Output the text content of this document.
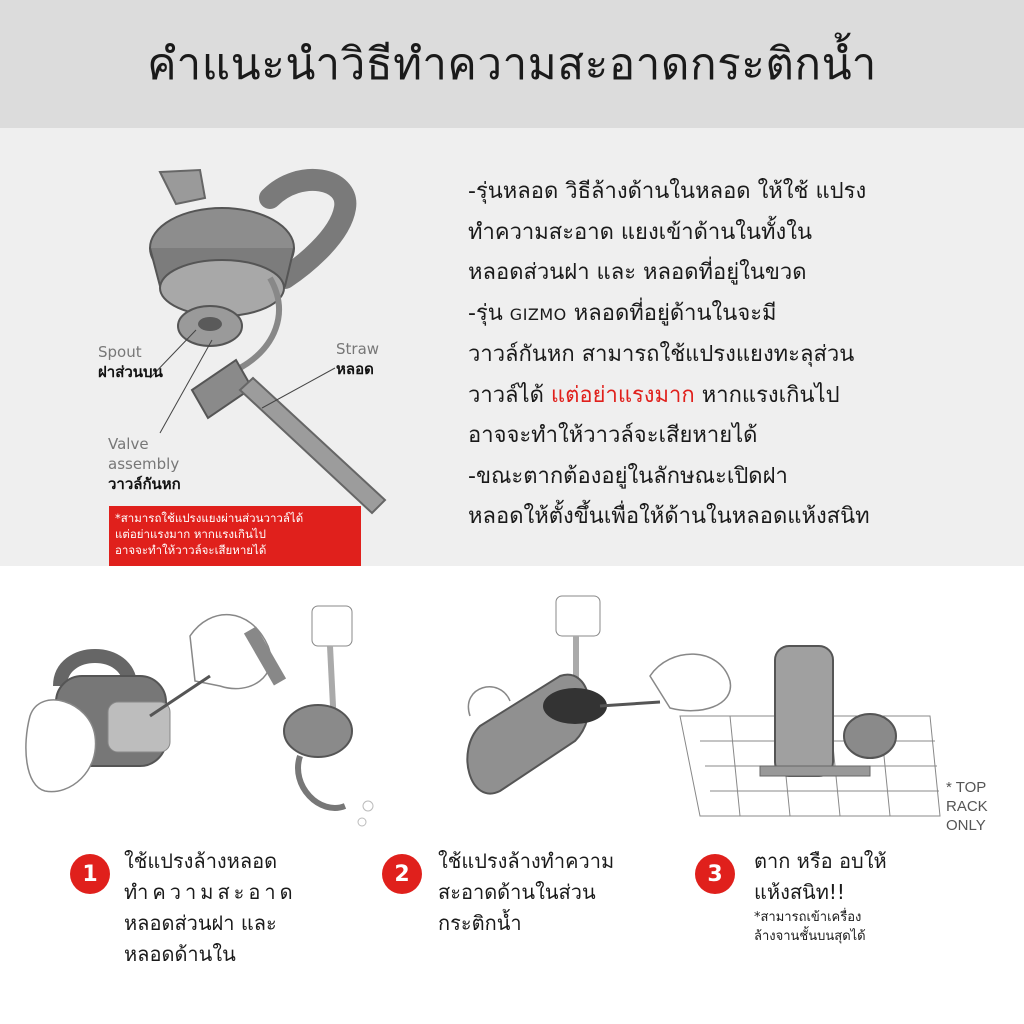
คำแนะนำวิธีทำความสะอาดกระติกน้ำ
Spout
ฝาส่วนบน
Straw
หลอด
Valve
assembly
วาวล์กันหก
*สามารถใช้แปรงแยงผ่านส่วนวาวล์ได้
แต่อย่าแรงมาก หากแรงเกินไป
อาจจะทำให้วาวล์จะเสียหายได้
-รุ่นหลอด วิธีล้างด้านในหลอด ให้ใช้ แปรง
ทำความสะอาด แยงเข้าด้านในทั้งใน
หลอดส่วนฝา และ หลอดที่อยู่ในขวด
-รุ่น GIZMO หลอดที่อยู่ด้านในจะมี
วาวล์กันหก สามารถใช้แปรงแยงทะลุส่วน
วาวล์ได้ แต่อย่าแรงมาก หากแรงเกินไป
อาจจะทำให้วาวล์จะเสียหายได้
-ขณะตากต้องอยู่ในลักษณะเปิดฝา
หลอดให้ตั้งขึ้นเพื่อให้ด้านในหลอดแห้งสนิท
* TOP
RACK
ONLY
1
ใช้แปรงล้างหลอด
ทำความสะอาด
หลอดส่วนฝา และ
หลอดด้านใน
2
ใช้แปรงล้างทำความ
สะอาดด้านในส่วน
กระติกน้ำ
3
ตาก หรือ อบให้
แห้งสนิท!!
*สามารถเข้าเครื่อง
ล้างจานชั้นบนสุดได้
